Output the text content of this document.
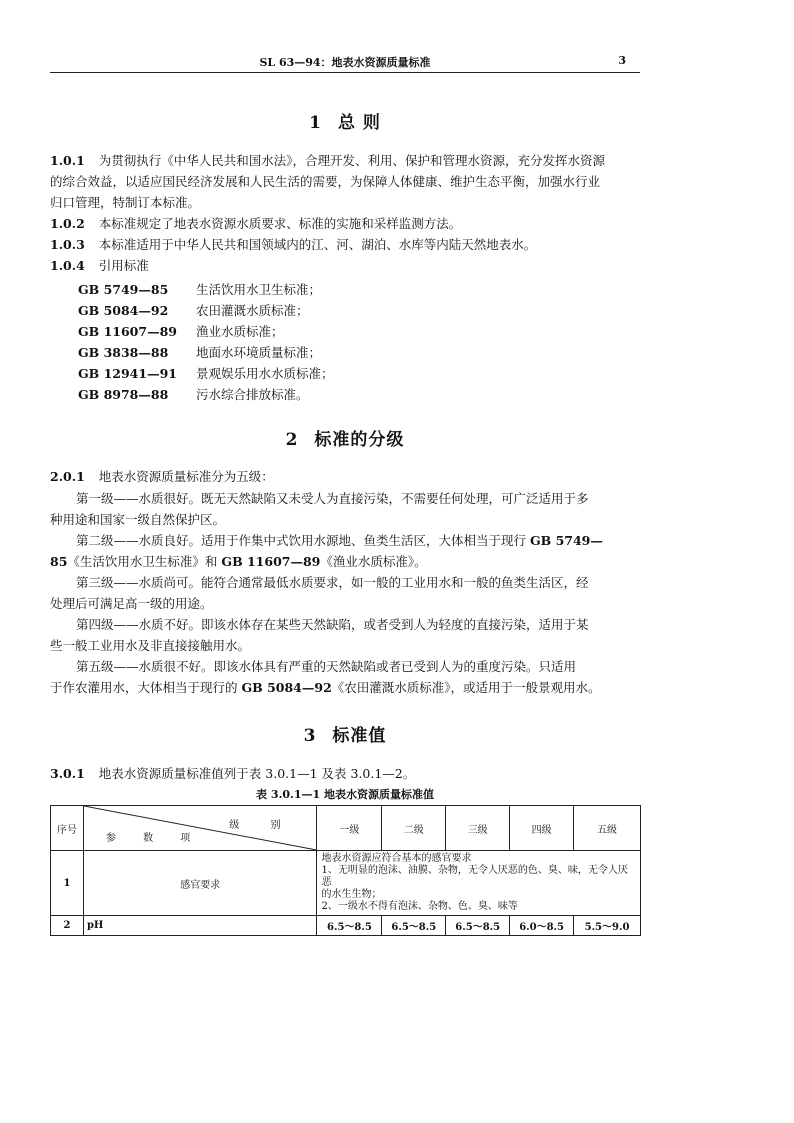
SL 63—94：地表水资源质量标准	3
1 总 则
1.0.1 为贯彻执行《中华人民共和国水法》，合理开发、利用、保护和管理水资源，充分发挥水资源
的综合效益，以适应国民经济发展和人民生活的需要，为保障人体健康、维护生态平衡，加强水行业
归口管理，特制订本标准。
1.0.2 本标准规定了地表水资源水质要求、标准的实施和采样监测方法。
1.0.3 本标准适用于中华人民共和国领域内的江、河、湖泊、水库等内陆天然地表水。
1.0.4 引用标准
GB 5749—85 生活饮用水卫生标准；
GB 5084—92 农田灌溉水质标准；
GB 11607—89 渔业水质标准；
GB 3838—88 地面水环境质量标准；
GB 12941—91 景观娱乐用水水质标准；
GB 8978—88 污水综合排放标准。
2 标准的分级
2.0.1 地表水资源质量标准分为五级：
第一级——水质很好。既无天然缺陷又未受人为直接污染，不需要任何处理，可广泛适用于多
种用途和国家一级自然保护区。
第二级——水质良好。适用于作集中式饮用水源地、鱼类生活区，大体相当于现行 GB 5749—
85《生活饮用水卫生标准》和 GB 11607—89《渔业水质标准》。
第三级——水质尚可。能符合通常最低水质要求，如一般的工业用水和一般的鱼类生活区，经
处理后可满足高一级的用途。
第四级——水质不好。即该水体存在某些天然缺陷，或者受到人为轻度的直接污染，适用于某
些一般工业用水及非直接接触用水。
第五级——水质很不好。即该水体具有严重的天然缺陷或者已受到人为的重度污染。只适用
于作农灌用水，大体相当于现行的 GB 5084—92《农田灌溉水质标准》，或适用于一般景观用水。
3 标准值
3.0.1 地表水资源质量标准值列于表 3.0.1—1 及表 3.0.1—2。
表 3.0.1—1 地表水资源质量标准值
序号	级 别
参 数 项	一级	二级	三级	四级	五级
1	感官要求	地表水资源应符合基本的感官要求
1、无明显的泡沫、油膜、杂物，无令人厌恶的色、臭、味，无令人厌恶
的水生生物；
2、一级水不得有泡沫、杂物、色、臭、味等				

2	pH	6.5～8.5	6.5～8.5	6.5～8.5	6.0～8.5	5.5～9.0
